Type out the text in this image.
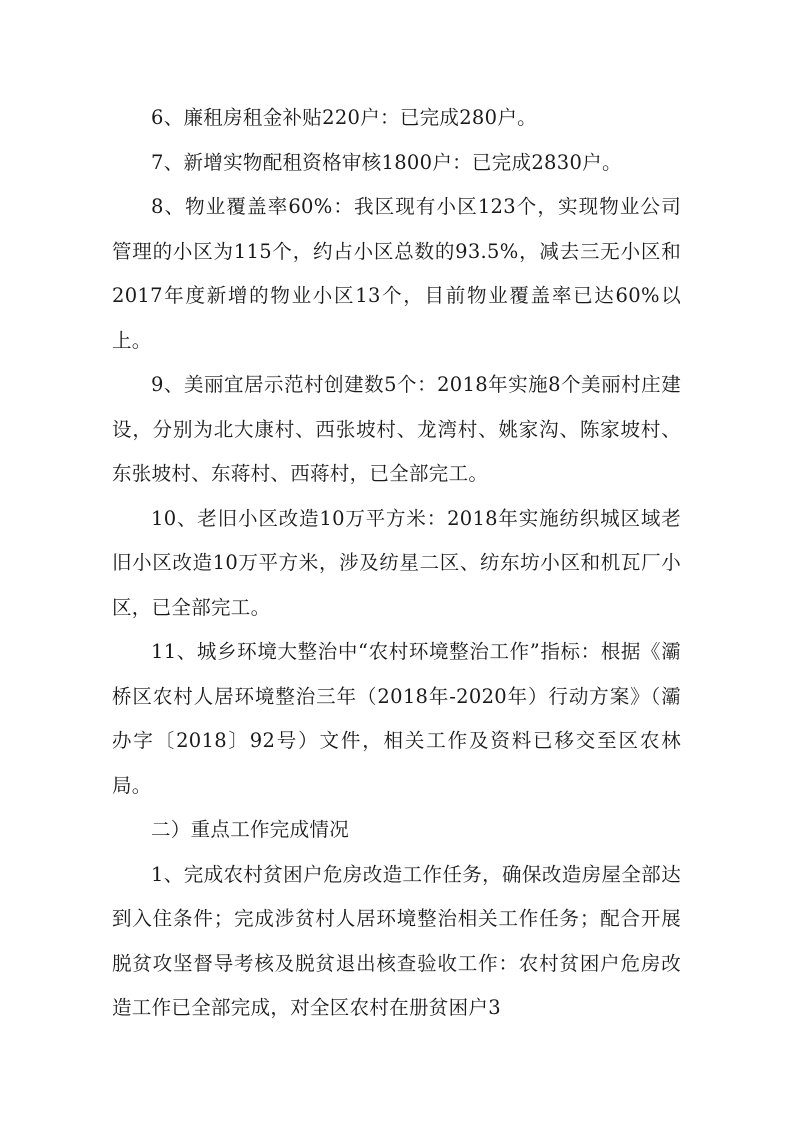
6、廉租房租金补贴220户：已完成280户。

7、新增实物配租资格审核1800户：已完成2830户。

8、物业覆盖率60%：我区现有小区123个，实现物业公司管理的小区为115个，约占小区总数的93.5%，减去三无小区和2017年度新增的物业小区13个，目前物业覆盖率已达60%以上。

9、美丽宜居示范村创建数5个：2018年实施8个美丽村庄建设，分别为北大康村、西张坡村、龙湾村、姚家沟、陈家坡村、东张坡村、东蒋村、西蒋村，已全部完工。

10、老旧小区改造10万平方米：2018年实施纺织城区域老旧小区改造10万平方米，涉及纺星二区、纺东坊小区和机瓦厂小区，已全部完工。

11、城乡环境大整治中“农村环境整治工作”指标：根据《灞桥区农村人居环境整治三年（2018年-2020年）行动方案》（灞办字〔2018〕92号）文件，相关工作及资料已移交至区农林局。

二）重点工作完成情况

1、完成农村贫困户危房改造工作任务，确保改造房屋全部达到入住条件；完成涉贫村人居环境整治相关工作任务；配合开展脱贫攻坚督导考核及脱贫退出核查验收工作：农村贫困户危房改造工作已全部完成，对全区农村在册贫困户3
